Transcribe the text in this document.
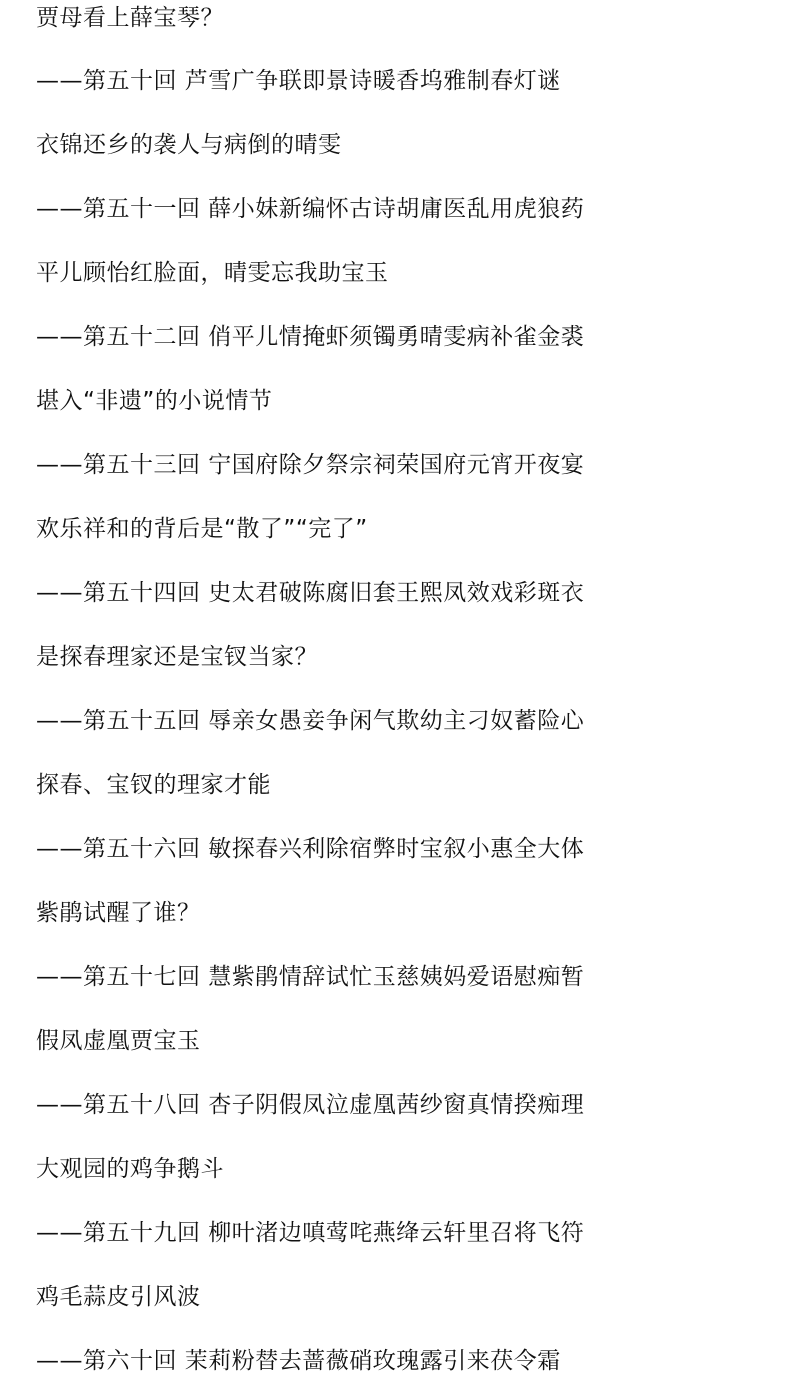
贾母看上薛宝琴？
——第五十回 芦雪广争联即景诗暖香坞雅制春灯谜
衣锦还乡的袭人与病倒的晴雯
——第五十一回 薛小妹新编怀古诗胡庸医乱用虎狼药
平儿顾怡红脸面，晴雯忘我助宝玉
——第五十二回 俏平儿情掩虾须镯勇晴雯病补雀金裘
堪入“非遗”的小说情节
——第五十三回 宁国府除夕祭宗祠荣国府元宵开夜宴
欢乐祥和的背后是“散了”“完了”
——第五十四回 史太君破陈腐旧套王熙凤效戏彩斑衣
是探春理家还是宝钗当家？
——第五十五回 辱亲女愚妾争闲气欺幼主刁奴蓄险心
探春、宝钗的理家才能
——第五十六回 敏探春兴利除宿弊时宝叙小惠全大体
紫鹃试醒了谁？
——第五十七回 慧紫鹃情辞试忙玉慈姨妈爱语慰痴暂
假凤虚凰贾宝玉
——第五十八回 杏子阴假凤泣虚凰茜纱窗真情揆痴理
大观园的鸡争鹅斗
——第五十九回 柳叶渚边嗔莺咤燕绛云轩里召将飞符
鸡毛蒜皮引风波
——第六十回 茉莉粉替去蔷薇硝玫瑰露引来茯令霜
